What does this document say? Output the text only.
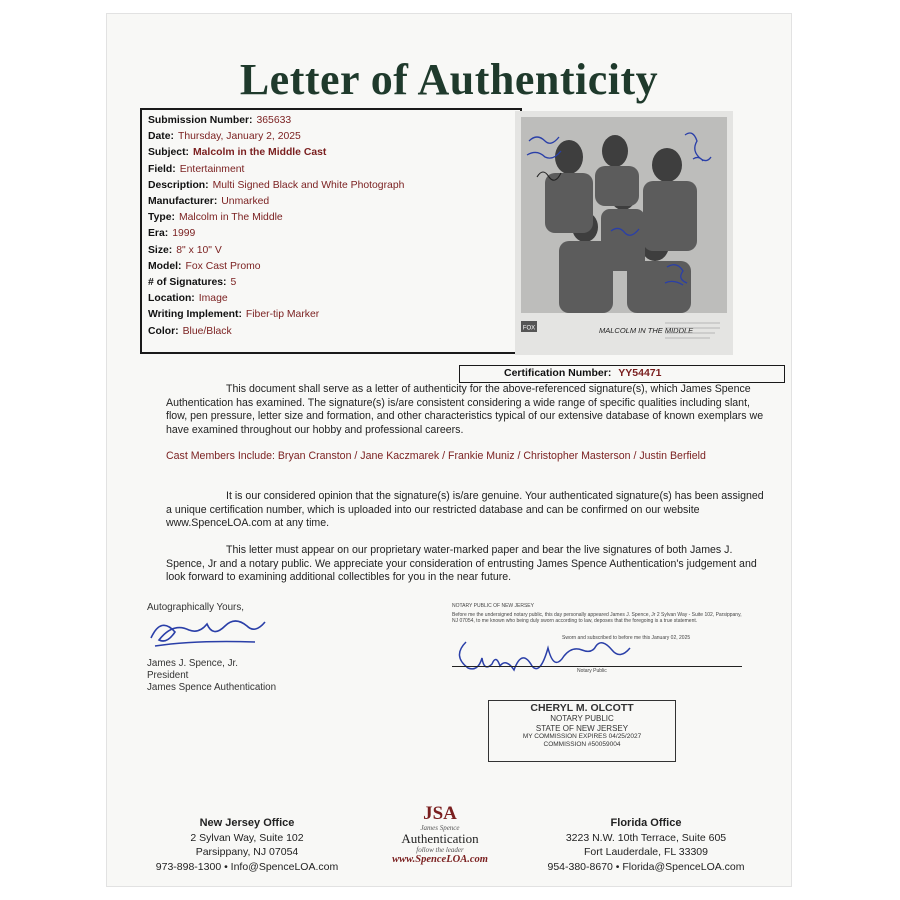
Letter of Authenticity
Submission Number: 365633
Date: Thursday, January 2, 2025
Subject: Malcolm in the Middle Cast
Field: Entertainment
Description: Multi Signed Black and White Photograph
Manufacturer: Unmarked
Type: Malcolm in The Middle
Era: 1999
Size: 8" x 10" V
Model: Fox Cast Promo
# of Signatures: 5
Location: Image
Writing Implement: Fiber-tip Marker
Color: Blue/Black	FOX	MALCOLM IN THE MIDDLE
Certification Number: YY54471
This document shall serve as a letter of authenticity for the above-referenced signature(s), which James Spence Authentication has examined. The signature(s) is/are consistent considering a wide range of specific qualities including slant, flow, pen pressure, letter size and formation, and other characteristics typical of our extensive database of known exemplars we have examined throughout our hobby and professional careers.
Cast Members Include: Bryan Cranston / Jane Kaczmarek / Frankie Muniz / Christopher Masterson / Justin Berfield
It is our considered opinion that the signature(s) is/are genuine. Your authenticated signature(s) has been assigned a unique certification number, which is uploaded into our restricted database and can be confirmed on our website www.SpenceLOA.com at any time.
This letter must appear on our proprietary water-marked paper and bear the live signatures of both James J. Spence, Jr and a notary public. We appreciate your consideration of entrusting James Spence Authentication's judgement and look forward to examining additional collectibles for you in the near future.
Autographically Yours,
James J. Spence, Jr.
President
James Spence Authentication
NOTARY PUBLIC OF NEW JERSEY
Before me the undersigned notary public, this day personally appeared James J. Spence, Jr 2 Sylvan Way - Suite 102, Parsippany, NJ 07054, to me known who being duly sworn according to law, deposes that the foregoing is a true statement.
Sworn and subscribed to before me this January 02, 2025
Notary Public
CHERYL M. OLCOTT
NOTARY PUBLIC
STATE OF NEW JERSEY
MY COMMISSION EXPIRES 04/25/2027
COMMISSION #50059004
New Jersey Office
2 Sylvan Way, Suite 102
Parsippany, NJ 07054
973-898-1300 • Info@SpenceLOA.com
JSA
James Spence
Authentication
follow the leader
www.SpenceLOA.com
Florida Office
3223 N.W. 10th Terrace, Suite 605
Fort Lauderdale, FL 33309
954-380-8670 • Florida@SpenceLOA.com
